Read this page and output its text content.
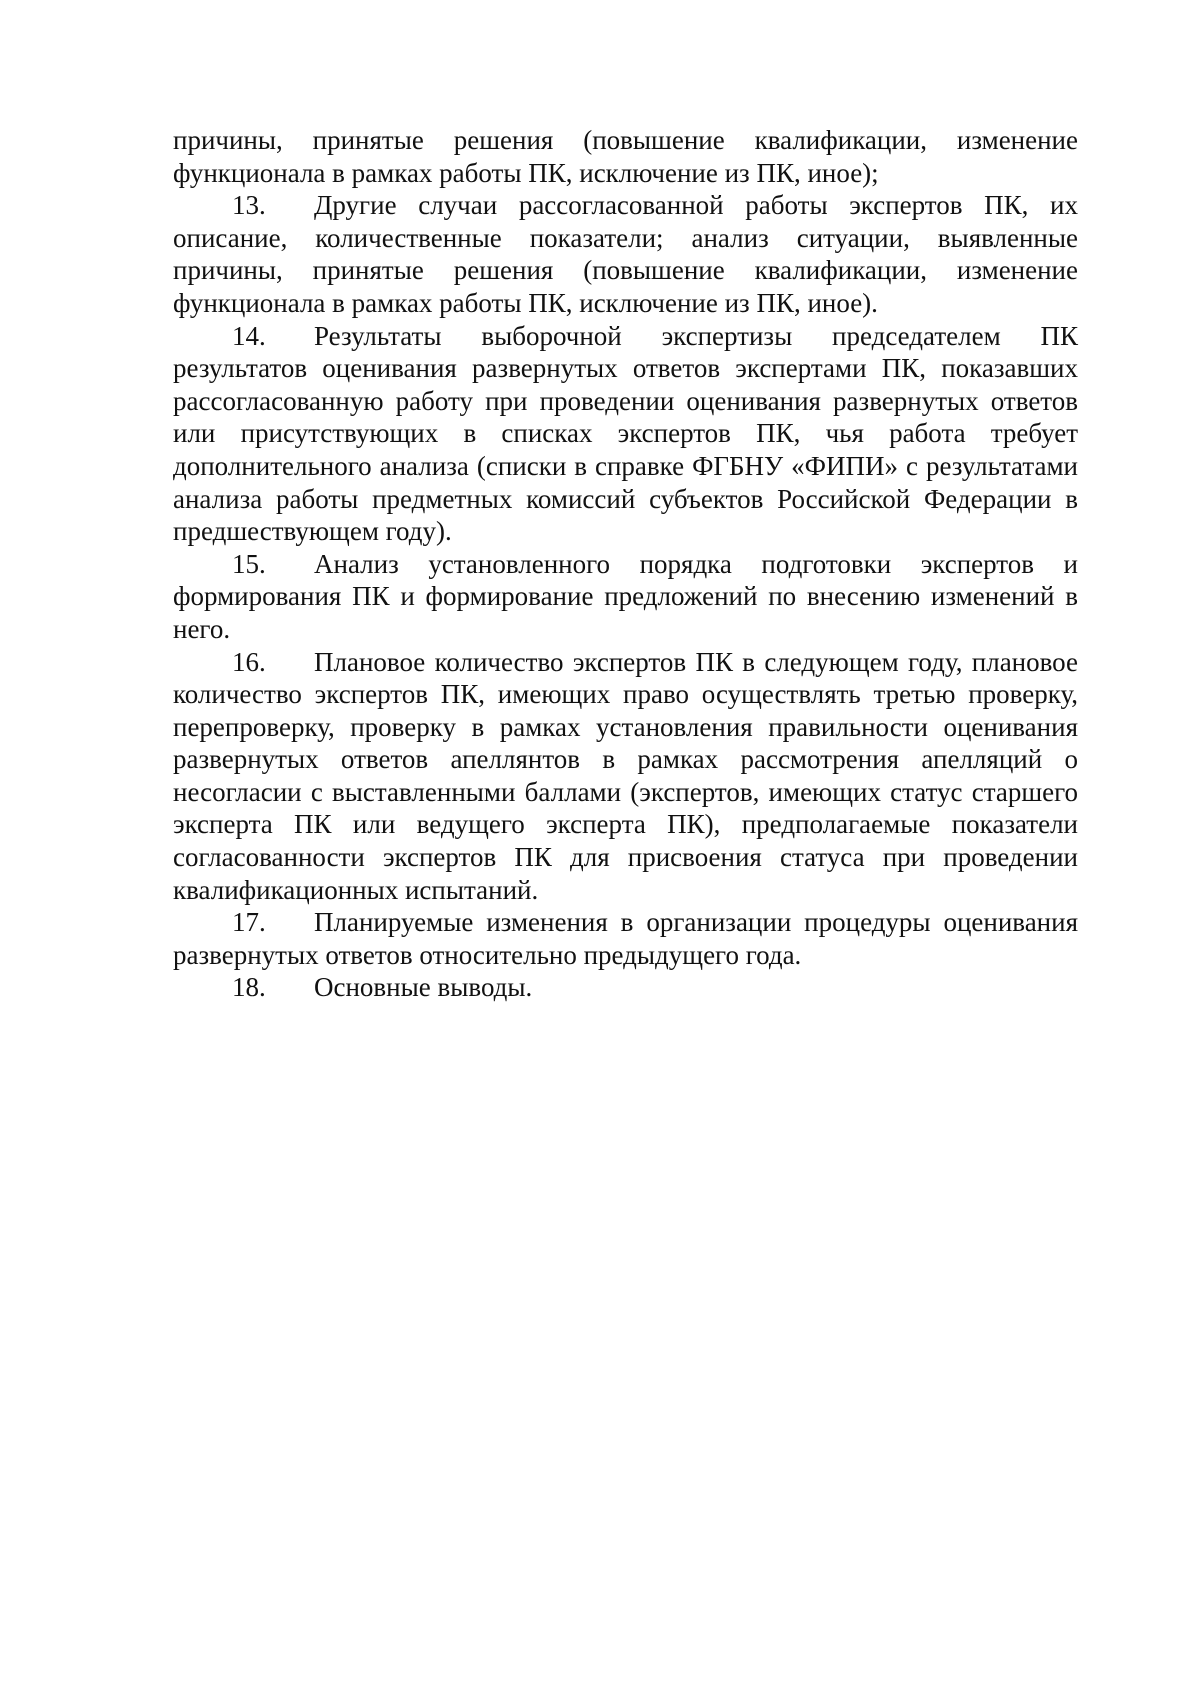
причины, принятые решения (повышение квалификации, изменение функционала в рамках работы ПК, исключение из ПК, иное);

13. Другие случаи рассогласованной работы экспертов ПК, их описание, количественные показатели; анализ ситуации, выявленные причины, принятые решения (повышение квалификации, изменение функционала в рамках работы ПК, исключение из ПК, иное).

14. Результаты выборочной экспертизы председателем ПК результатов оценивания развернутых ответов экспертами ПК, показавших рассогласованную работу при проведении оценивания развернутых ответов или присутствующих в списках экспертов ПК, чья работа требует дополнительного анализа (списки в справке ФГБНУ «ФИПИ» с результатами анализа работы предметных комиссий субъектов Российской Федерации в предшествующем году).

15. Анализ установленного порядка подготовки экспертов и формирования ПК и формирование предложений по внесению изменений в него.

16. Плановое количество экспертов ПК в следующем году, плановое количество экспертов ПК, имеющих право осуществлять третью проверку, перепроверку, проверку в рамках установления правильности оценивания развернутых ответов апеллянтов в рамках рассмотрения апелляций о несогласии с выставленными баллами (экспертов, имеющих статус старшего эксперта ПК или ведущего эксперта ПК), предполагаемые показатели согласованности экспертов ПК для присвоения статуса при проведении квалификационных испытаний.

17. Планируемые изменения в организации процедуры оценивания развернутых ответов относительно предыдущего года.

18. Основные выводы.
